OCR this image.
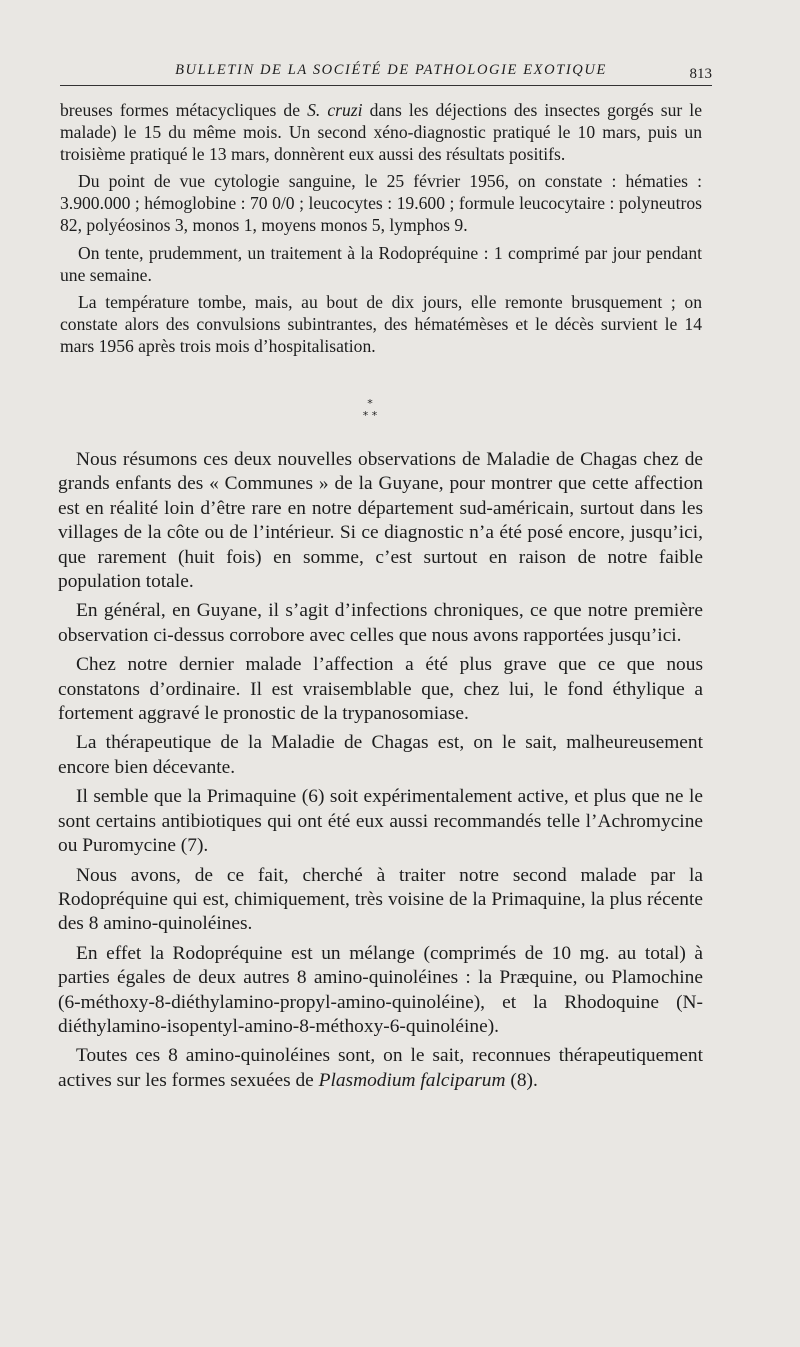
BULLETIN DE LA SOCIÉTÉ DE PATHOLOGIE EXOTIQUE	813

breuses formes métacycliques de S. cruzi dans les déjections des insectes gorgés sur le malade) le 15 du même mois. Un second xéno-diagnostic pratiqué le 10 mars, puis un troisième pratiqué le 13 mars, donnèrent eux aussi des résultats positifs.

Du point de vue cytologie sanguine, le 25 février 1956, on constate : hématies : 3.900.000 ; hémoglobine : 70 0/0 ; leucocytes : 19.600 ; formule leucocytaire : polyneutros 82, polyéosinos 3, monos 1, moyens monos 5, lymphos 9.

On tente, prudemment, un traitement à la Rodopréquine : 1 comprimé par jour pendant une semaine.

La température tombe, mais, au bout de dix jours, elle remonte brusquement ; on constate alors des convulsions subintrantes, des hématémèses et le décès survient le 14 mars 1956 après trois mois d’hospitalisation.

*
* *

Nous résumons ces deux nouvelles observations de Maladie de Chagas chez de grands enfants des « Communes » de la Guyane, pour montrer que cette affection est en réalité loin d’être rare en notre département sud-américain, surtout dans les villages de la côte ou de l’intérieur. Si ce diagnostic n’a été posé encore, jusqu’ici, que rarement (huit fois) en somme, c’est surtout en raison de notre faible population totale.

En général, en Guyane, il s’agit d’infections chroniques, ce que notre première observation ci-dessus corrobore avec celles que nous avons rapportées jusqu’ici.

Chez notre dernier malade l’affection a été plus grave que ce que nous constatons d’ordinaire. Il est vraisemblable que, chez lui, le fond éthylique a fortement aggravé le pronostic de la trypanosomiase.

La thérapeutique de la Maladie de Chagas est, on le sait, malheureusement encore bien décevante.

Il semble que la Primaquine (6) soit expérimentalement active, et plus que ne le sont certains antibiotiques qui ont été eux aussi recommandés telle l’Achromycine ou Puromycine (7).

Nous avons, de ce fait, cherché à traiter notre second malade par la Rodopréquine qui est, chimiquement, très voisine de la Primaquine, la plus récente des 8 amino-quinoléines.

En effet la Rodopréquine est un mélange (comprimés de 10 mg. au total) à parties égales de deux autres 8 amino-quinoléines : la Præquine, ou Plamochine (6-méthoxy-8-diéthylamino-propyl-amino-quinoléine), et la Rhodoquine (N-diéthylamino-isopentyl-amino-8-méthoxy-6-quinoléine).

Toutes ces 8 amino-quinoléines sont, on le sait, reconnues thérapeutiquement actives sur les formes sexuées de Plasmodium falciparum (8).
